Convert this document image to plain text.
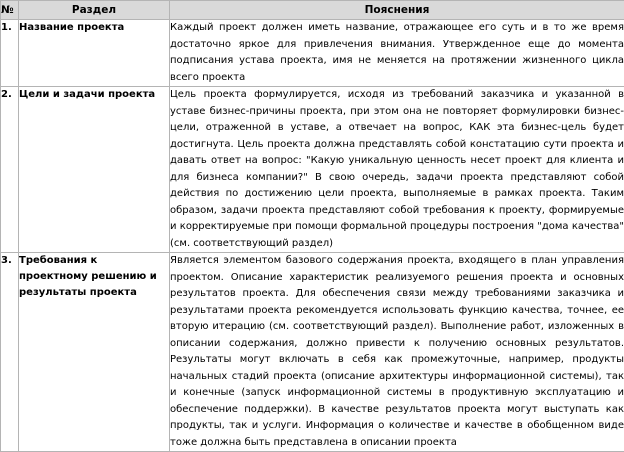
№	Раздел	Пояснения
1.	Название проекта	Каждый проект должен иметь название, отражающее его суть и в то же время достаточно яркое для привлечения внимания. Утвержденное еще до момента подписания устава проекта, имя не меняется на протяжении жизненного цикла всего проекта
2.	Цели и задачи проекта	Цель проекта формулируется, исходя из требований заказчика и указанной в уставе бизнес-причины проекта, при этом она не повторяет формулировки бизнес-цели, отраженной в уставе, а отвечает на вопрос, КАК эта бизнес-цель будет достигнута. Цель проекта должна представлять собой констатацию сути проекта и давать ответ на вопрос: "Какую уникальную ценность несет проект для клиента и для бизнеса компании?" В свою очередь, задачи проекта представляют собой действия по достижению цели проекта, выполняемые в рамках проекта. Таким образом, задачи проекта представляют собой требования к проекту, формируемые и корректируемые при помощи формальной процедуры построения "дома качества" (см. соответствующий раздел)
3.	Требования к проектному решению и результаты проекта	Является элементом базового содержания проекта, входящего в план управления проектом. Описание характеристик реализуемого решения проекта и основных результатов проекта. Для обеспечения связи между требованиями заказчика и результатами проекта рекомендуется использовать функцию качества, точнее, ее вторую итерацию (см. соответствующий раздел). Выполнение работ, изложенных в описании содержания, должно привести к получению основных результатов. Результаты могут включать в себя как промежуточные, например, продукты начальных стадий проекта (описание архитектуры информационной системы), так и конечные (запуск информационной системы в продуктивную эксплуатацию и обеспечение поддержки). В качестве результатов проекта могут выступать как продукты, так и услуги. Информация о количестве и качестве в обобщенном виде тоже должна быть представлена в описании проекта
